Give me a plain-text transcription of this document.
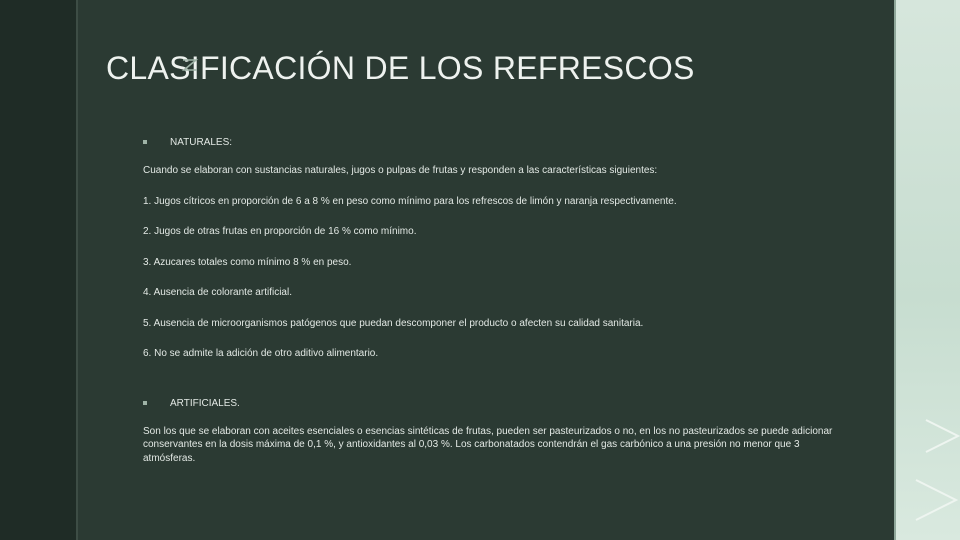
CLASIFICACIÓN DE LOS REFRESCOS
NATURALES:

Cuando se elaboran con sustancias naturales, jugos o pulpas de frutas y responden a las características siguientes:

1. Jugos cítricos en proporción de 6 a 8 % en peso como mínimo para los refrescos de limón y naranja respectivamente.

2. Jugos de otras frutas en proporción de 16 % como mínimo.

3. Azucares totales como mínimo 8 % en peso.

4. Ausencia de colorante artificial.

5. Ausencia de microorganismos patógenos que puedan descomponer el producto o afecten su calidad sanitaria.

6. No se admite la adición de otro aditivo alimentario.

ARTIFICIALES.

Son los que se elaboran con aceites esenciales o esencias sintéticas de frutas, pueden ser pasteurizados o no, en los no pasteurizados se puede adicionar conservantes en la dosis máxima de 0,1 %, y antioxidantes al 0,03 %. Los carbonatados contendrán el gas carbónico a una presión no menor que 3 atmósferas.
